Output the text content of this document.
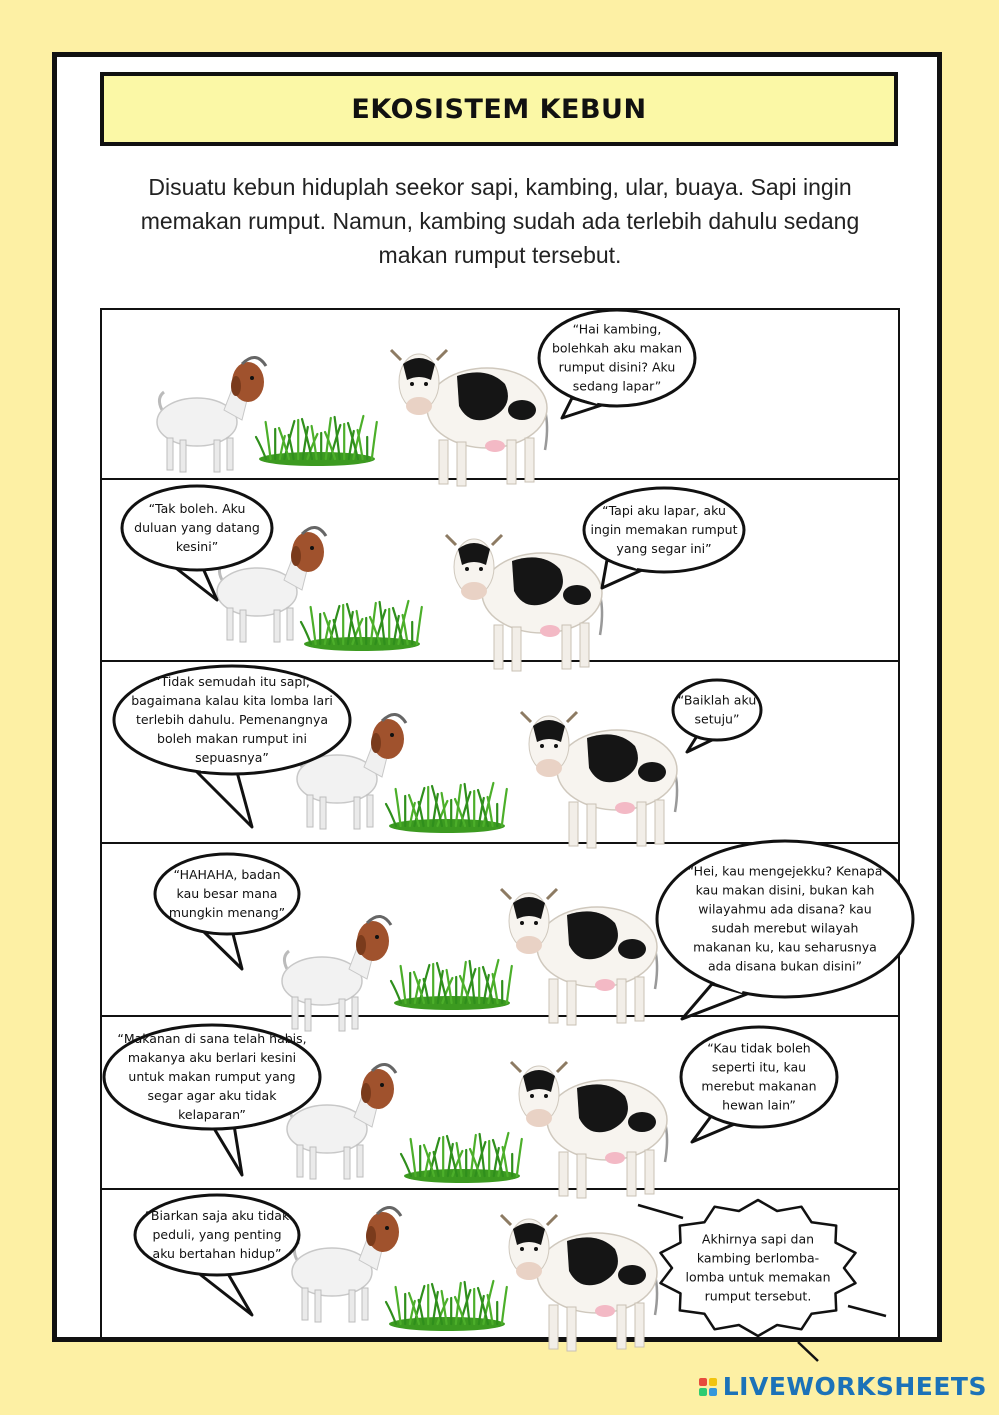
EKOSISTEM KEBUN

Disuatu kebun hiduplah seekor sapi, kambing, ular, buaya. Sapi ingin

memakan rumput. Namun, kambing sudah ada terlebih dahulu sedang

makan rumput tersebut.

“Hai kambing,
bolehkah aku makan
rumput disini? Aku
sedang lapar”
“Tak boleh. Aku
duluan yang datang
kesini”
“Tapi aku lapar, aku
ingin memakan rumput
yang segar ini”
“Tidak semudah itu sapi,
bagaimana kalau kita lomba lari
terlebih dahulu. Pemenangnya
boleh makan rumput ini
sepuasnya”
“Baiklah aku
setuju”
“HAHAHA, badan
kau besar mana
mungkin menang”
“Hei, kau mengejekku? Kenapa
kau makan disini, bukan kah
wilayahmu ada disana? kau
sudah merebut wilayah
makanan ku, kau seharusnya
ada disana bukan disini”
“Makanan di sana telah habis,
makanya aku berlari kesini
untuk makan rumput yang
segar agar aku tidak
kelaparan”
“Kau tidak boleh
seperti itu, kau
merebut makanan
hewan lain”
“Biarkan saja aku tidak
peduli, yang penting
aku bertahan hidup”
Akhirnya sapi dan
kambing berlomba-
lomba untuk memakan
rumput tersebut.
LIVEWORKSHEETS
